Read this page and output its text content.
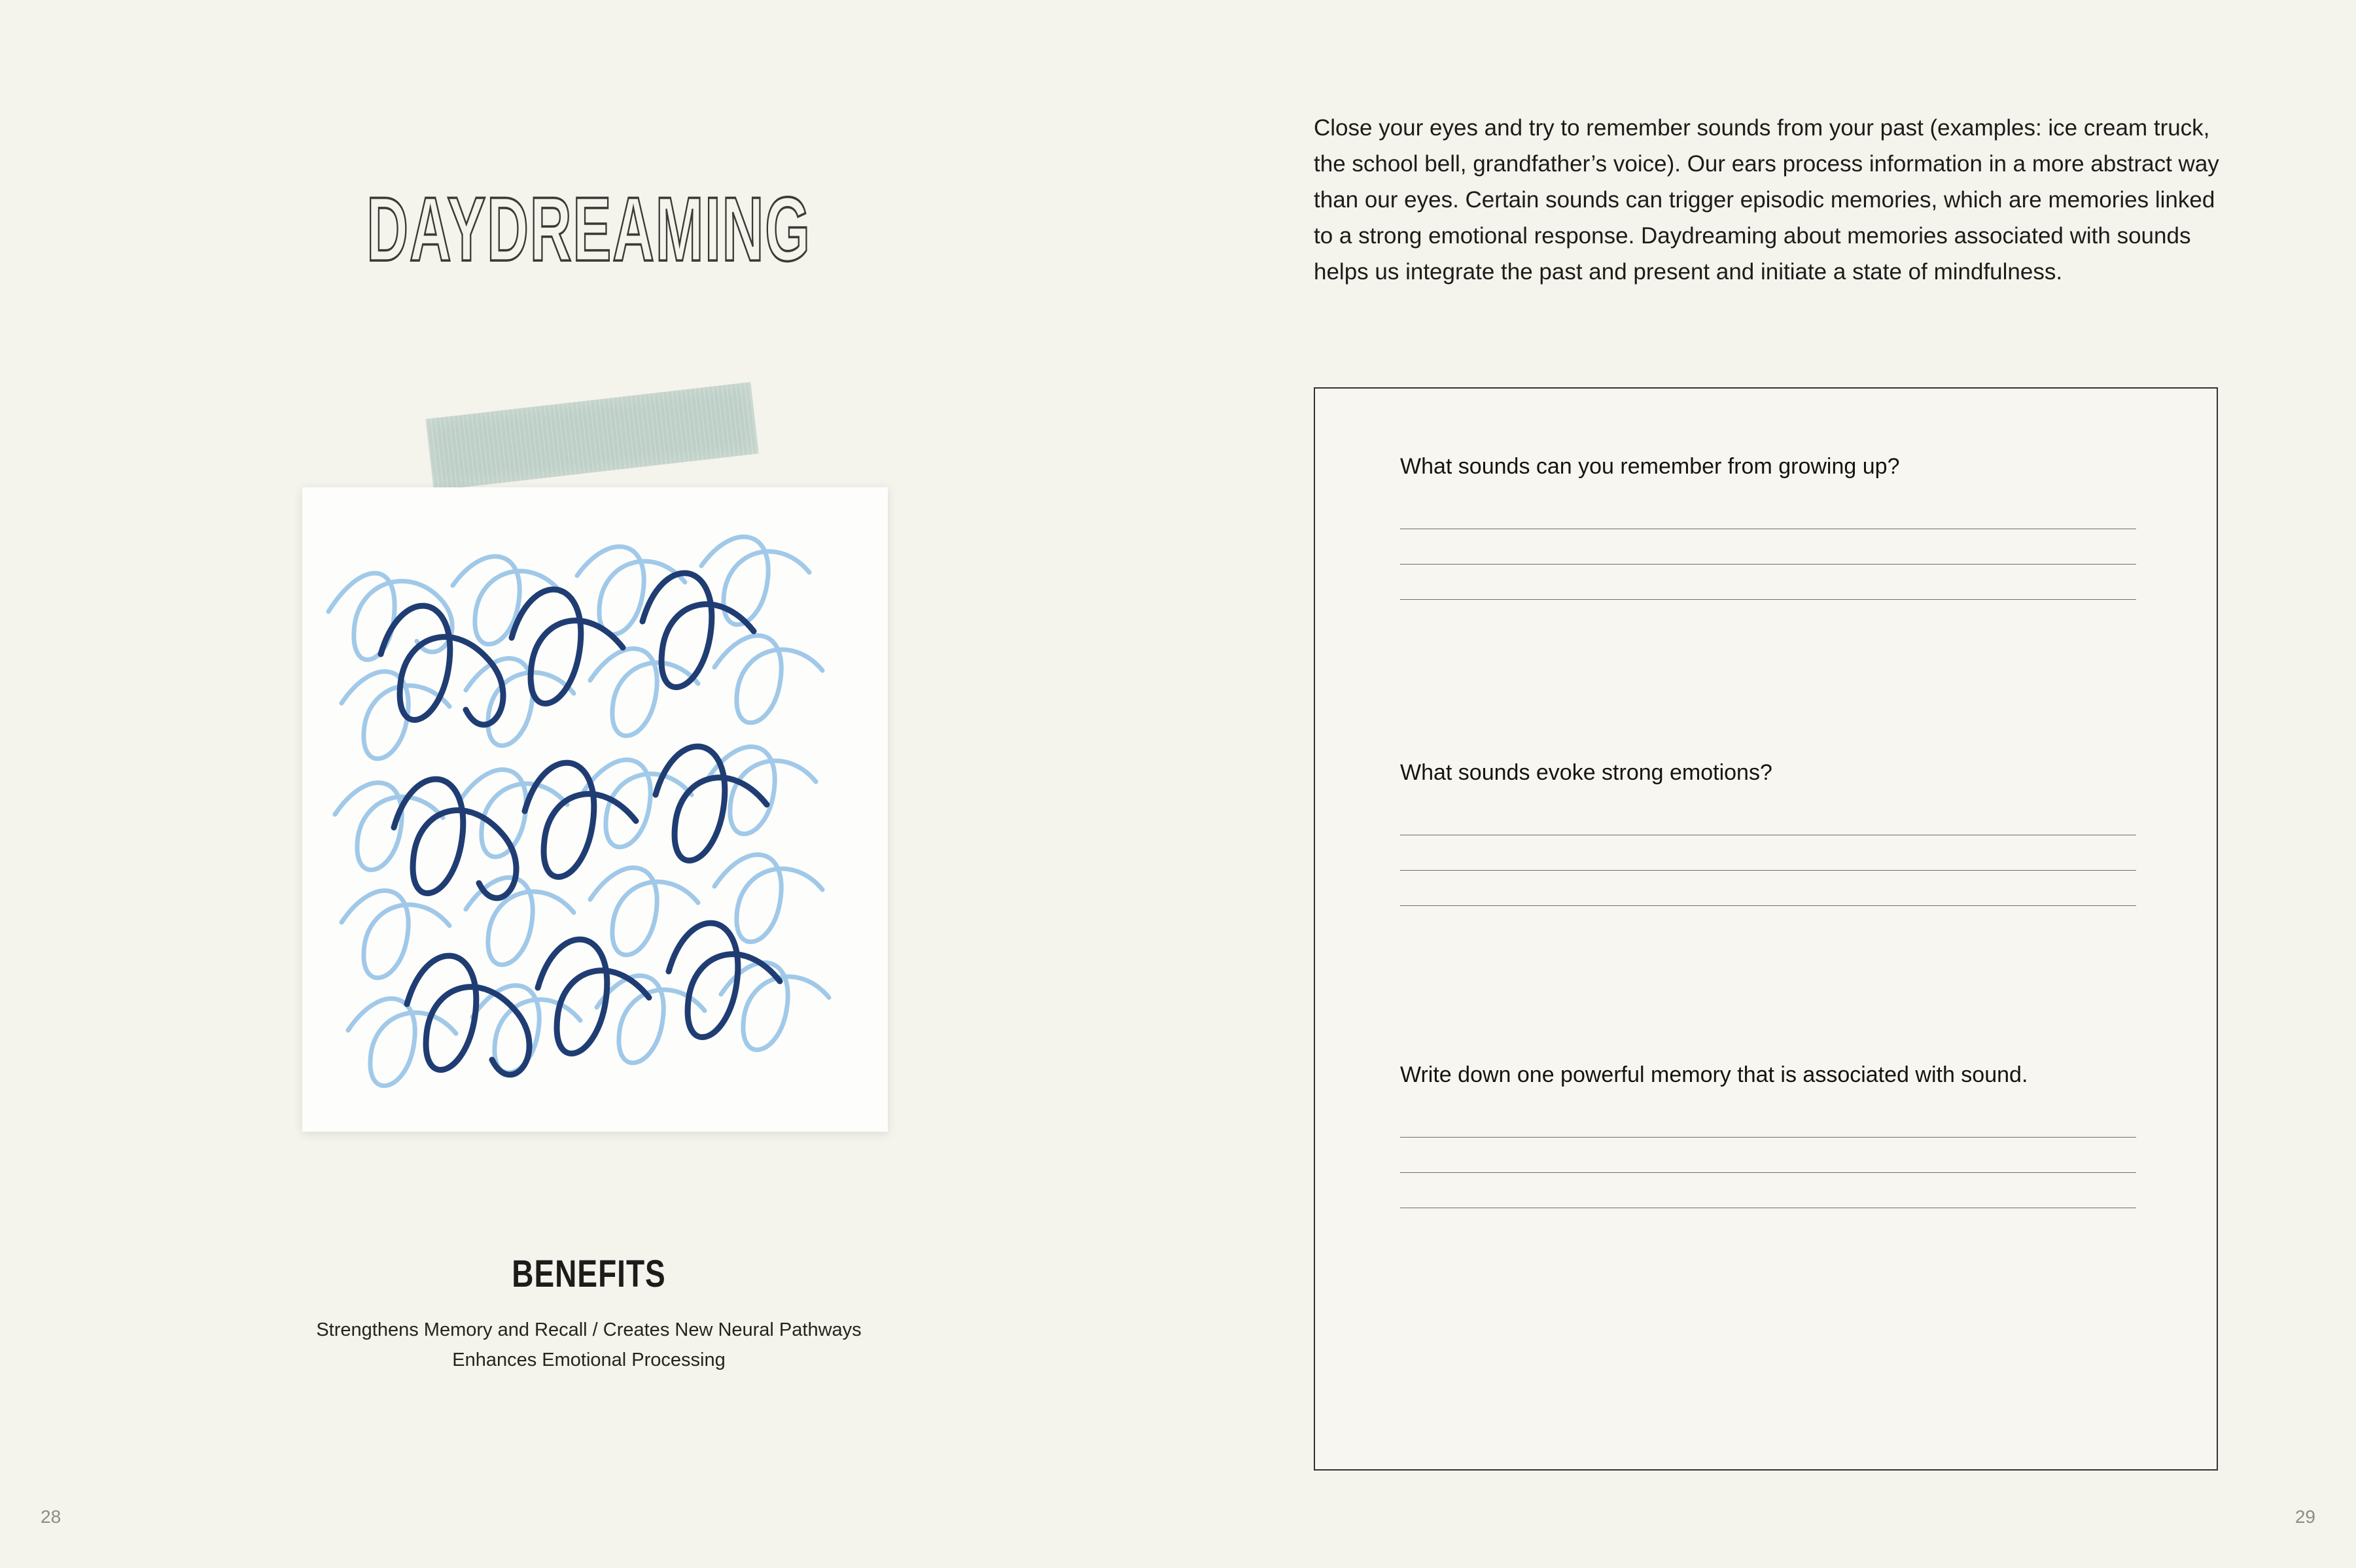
DAYDREAMING
BENEFITS
Strengthens Memory and Recall / Creates New Neural Pathways
Enhances Emotional Processing
28
Close your eyes and try to remember sounds from your past (examples: ice cream truck, the school bell, grandfather’s voice). Our ears process information in a more abstract way than our eyes. Certain sounds can trigger episodic memories, which are memories linked to a strong emotional response. Daydreaming about memories associated with sounds helps us integrate the past and present and initiate a state of mindfulness.
What sounds can you remember from growing up?
What sounds evoke strong emotions?
Write down one powerful memory that is associated with sound.
29
